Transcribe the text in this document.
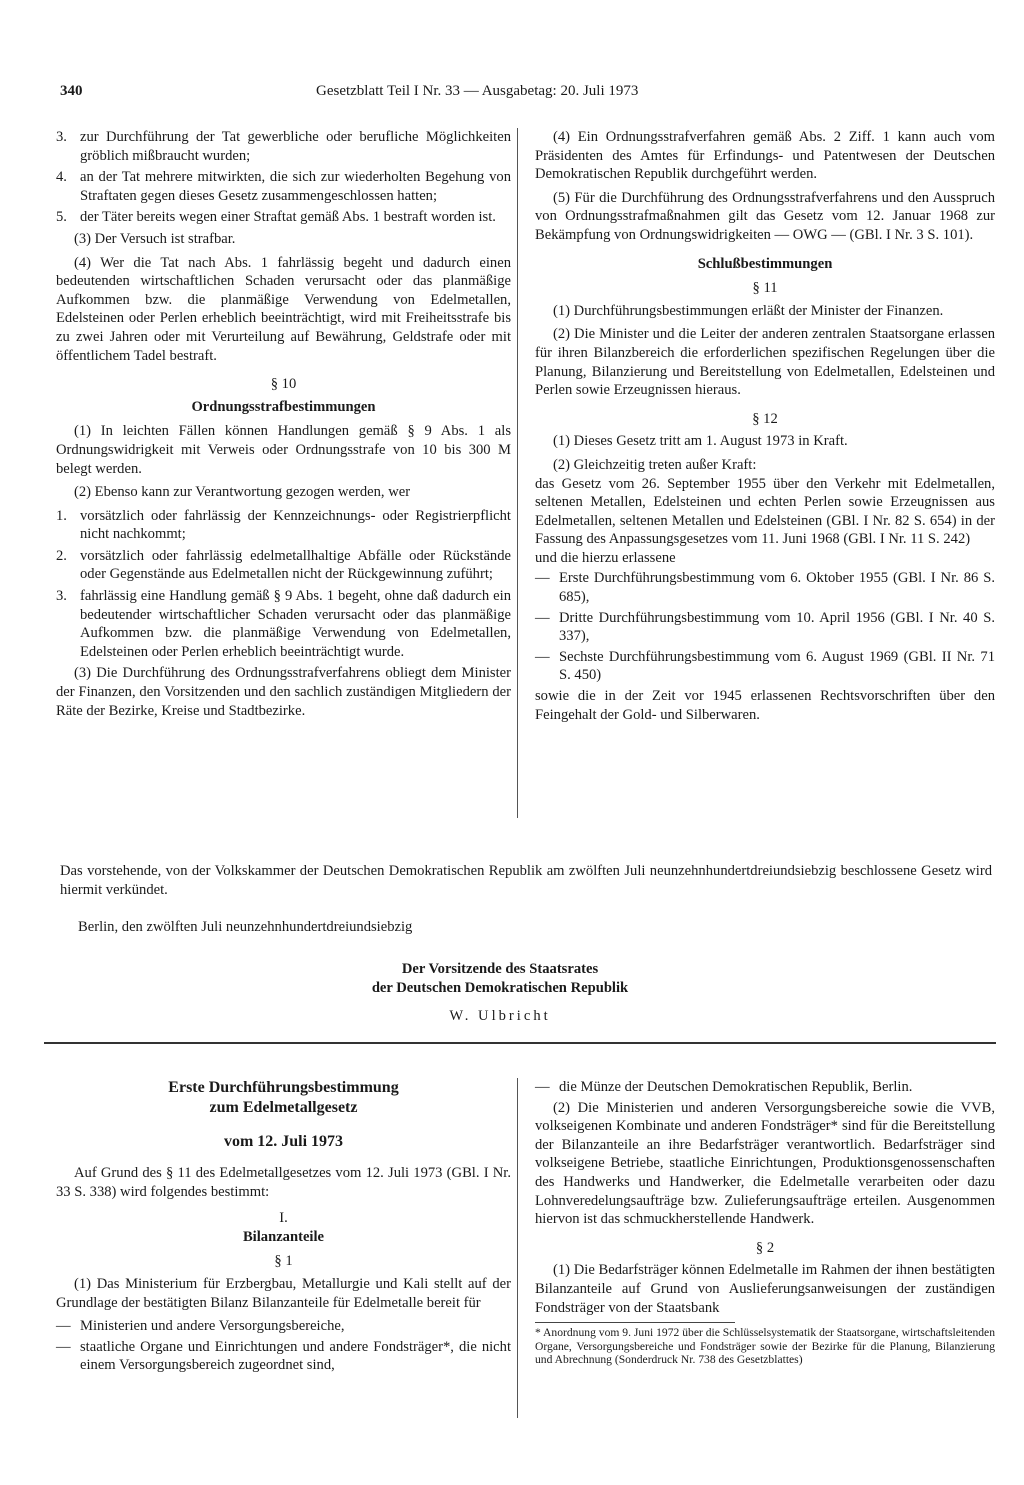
340	Gesetzblatt Teil I Nr. 33 — Ausgabetag: 20. Juli 1973
3. zur Durchführung der Tat gewerbliche oder berufliche Möglichkeiten gröblich mißbraucht wurden;
4. an der Tat mehrere mitwirkten, die sich zur wiederholten Begehung von Straftaten gegen dieses Gesetz zusammengeschlossen hatten;
5. der Täter bereits wegen einer Straftat gemäß Abs. 1 bestraft worden ist.

(3) Der Versuch ist strafbar.

(4) Wer die Tat nach Abs. 1 fahrlässig begeht und dadurch einen bedeutenden wirtschaftlichen Schaden verursacht oder das planmäßige Aufkommen bzw. die planmäßige Verwendung von Edelmetallen, Edelsteinen oder Perlen erheblich beeinträchtigt, wird mit Freiheitsstrafe bis zu zwei Jahren oder mit Verurteilung auf Bewährung, Geldstrafe oder mit öffentlichem Tadel bestraft.

§ 10

Ordnungsstrafbestimmungen

(1) In leichten Fällen können Handlungen gemäß § 9 Abs. 1 als Ordnungswidrigkeit mit Verweis oder Ordnungsstrafe von 10 bis 300 M belegt werden.

(2) Ebenso kann zur Verantwortung gezogen werden, wer

1. vorsätzlich oder fahrlässig der Kennzeichnungs- oder Registrierpflicht nicht nachkommt;
2. vorsätzlich oder fahrlässig edelmetallhaltige Abfälle oder Rückstände oder Gegenstände aus Edelmetallen nicht der Rückgewinnung zuführt;
3. fahrlässig eine Handlung gemäß § 9 Abs. 1 begeht, ohne daß dadurch ein bedeutender wirtschaftlicher Schaden verursacht oder das planmäßige Aufkommen bzw. die planmäßige Verwendung von Edelmetallen, Edelsteinen oder Perlen erheblich beeinträchtigt wurde.

(3) Die Durchführung des Ordnungsstrafverfahrens obliegt dem Minister der Finanzen, den Vorsitzenden und den sachlich zuständigen Mitgliedern der Räte der Bezirke, Kreise und Stadtbezirke.

(4) Ein Ordnungsstrafverfahren gemäß Abs. 2 Ziff. 1 kann auch vom Präsidenten des Amtes für Erfindungs- und Patentwesen der Deutschen Demokratischen Republik durchgeführt werden.

(5) Für die Durchführung des Ordnungsstrafverfahrens und den Ausspruch von Ordnungsstrafmaßnahmen gilt das Gesetz vom 12. Januar 1968 zur Bekämpfung von Ordnungswidrigkeiten — OWG — (GBl. I Nr. 3 S. 101).

Schlußbestimmungen

§ 11

(1) Durchführungsbestimmungen erläßt der Minister der Finanzen.

(2) Die Minister und die Leiter der anderen zentralen Staatsorgane erlassen für ihren Bilanzbereich die erforderlichen spezifischen Regelungen über die Planung, Bilanzierung und Bereitstellung von Edelmetallen, Edelsteinen und Perlen sowie Erzeugnissen hieraus.

§ 12

(1) Dieses Gesetz tritt am 1. August 1973 in Kraft.

(2) Gleichzeitig treten außer Kraft:

das Gesetz vom 26. September 1955 über den Verkehr mit Edelmetallen, seltenen Metallen, Edelsteinen und echten Perlen sowie Erzeugnissen aus Edelmetallen, seltenen Metallen und Edelsteinen (GBl. I Nr. 82 S. 654) in der Fassung des Anpassungsgesetzes vom 11. Juni 1968 (GBl. I Nr. 11 S. 242)

und die hierzu erlassene

— Erste Durchführungsbestimmung vom 6. Oktober 1955 (GBl. I Nr. 86 S. 685),
— Dritte Durchführungsbestimmung vom 10. April 1956 (GBl. I Nr. 40 S. 337),
— Sechste Durchführungsbestimmung vom 6. August 1969 (GBl. II Nr. 71 S. 450)

sowie die in der Zeit vor 1945 erlassenen Rechtsvorschriften über den Feingehalt der Gold- und Silberwaren.

Das vorstehende, von der Volkskammer der Deutschen Demokratischen Republik am zwölften Juli neunzehnhundertdreiundsiebzig beschlossene Gesetz wird hiermit verkündet.

Berlin, den zwölften Juli neunzehnhundertdreiundsiebzig
Der Vorsitzende des Staatsrates
der Deutschen Demokratischen Republik
W. Ulbricht
Erste Durchführungsbestimmung
zum Edelmetallgesetz

vom 12. Juli 1973

Auf Grund des § 11 des Edelmetallgesetzes vom 12. Juli 1973 (GBl. I Nr. 33 S. 338) wird folgendes bestimmt:

I.

Bilanzanteile

§ 1

(1) Das Ministerium für Erzbergbau, Metallurgie und Kali stellt auf der Grundlage der bestätigten Bilanz Bilanzanteile für Edelmetalle bereit für

— Ministerien und andere Versorgungsbereiche,
— staatliche Organe und Einrichtungen und andere Fondsträger*, die nicht einem Versorgungsbereich zugeordnet sind,
— die Münze der Deutschen Demokratischen Republik, Berlin.

(2) Die Ministerien und anderen Versorgungsbereiche sowie die VVB, volkseigenen Kombinate und anderen Fondsträger* sind für die Bereitstellung der Bilanzanteile an ihre Bedarfsträger verantwortlich. Bedarfsträger sind volkseigene Betriebe, staatliche Einrichtungen, Produktionsgenossenschaften des Handwerks und Handwerker, die Edelmetalle verarbeiten oder dazu Lohnveredelungsaufträge bzw. Zulieferungsaufträge erteilen. Ausgenommen hiervon ist das schmuckherstellende Handwerk.

§ 2

(1) Die Bedarfsträger können Edelmetalle im Rahmen der ihnen bestätigten Bilanzanteile auf Grund von Auslieferungsanweisungen der zuständigen Fondsträger von der Staatsbank

* Anordnung vom 9. Juni 1972 über die Schlüsselsystematik der Staatsorgane, wirtschaftsleitenden Organe, Versorgungsbereiche und Fondsträger sowie der Bezirke für die Planung, Bilanzierung und Abrechnung (Sonderdruck Nr. 738 des Gesetzblattes)
